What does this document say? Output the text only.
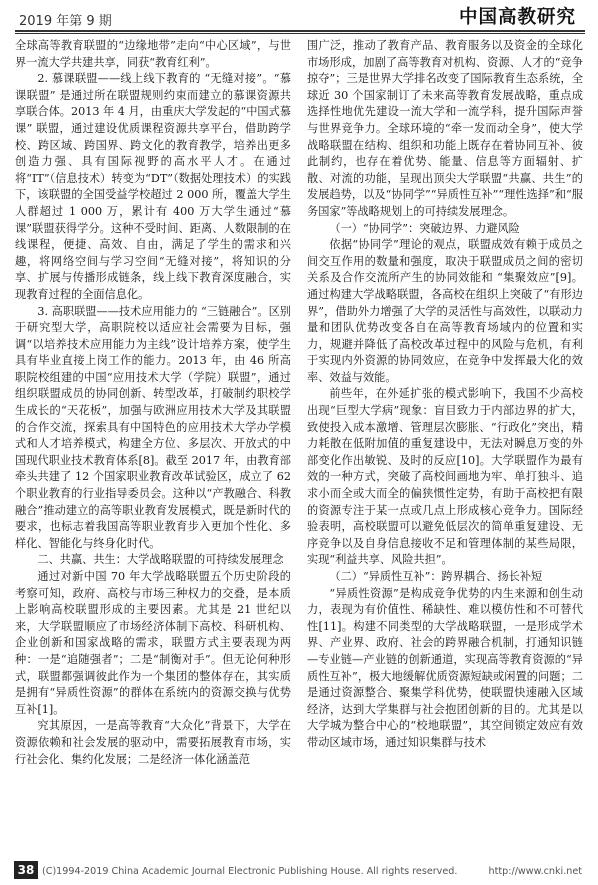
2019 年第 9 期	中国高教研究

全球高等教育联盟的“边缘地带”走向“中心区域”，与世界一流大学共建共享，同获“教育红利”。

2. 慕课联盟——线上线下教育的 “无缝对接”。“慕课联盟” 是通过所在联盟规则约束而建立的慕课资源共享联合体。2013 年 4 月，由重庆大学发起的“中国式慕课” 联盟，通过建设优质课程资源共享平台，借助跨学校、跨区域、跨国界、跨文化的教育教学，培养出更多创造力强、具有国际视野的高水平人才。在通过将“IT”（信息技术）转变为“DT”（数据处理技术）的实践下，该联盟的全国受益学校超过 2 000 所，覆盖大学生人群超过 1 000 万，累计有 400 万大学生通过“慕课”联盟获得学分。这种不受时间、距离、人数限制的在线课程，便捷、高效、自由，满足了学生的需求和兴趣，将网络空间与学习空间“无缝对接”，将知识的分享、扩展与传播形成链条，线上线下教育深度融合，实现教育过程的全面信息化。

3. 高职联盟——技术应用能力的 “三链融合”。区别于研究型大学，高职院校以适应社会需要为目标，强调“以培养技术应用能力为主线”设计培养方案，使学生具有毕业直接上岗工作的能力。2013 年，由 46 所高职院校组建的中国“应用技术大学（学院）联盟”，通过组织联盟成员的协同创新、转型改革，打破制约职校学生成长的“天花板”，加强与欧洲应用技术大学及其联盟的合作交流，探索具有中国特色的应用技术大学办学模式和人才培养模式，构建全方位、多层次、开放式的中国现代职业技术教育体系[8]。截至 2017 年，由教育部牵头共建了 12 个国家职业教育改革试验区，成立了 62 个职业教育的行业指导委员会。这种以“产教融合、科教融合”推动建立的高等职业教育发展模式，既是新时代的要求，也标志着我国高等职业教育步入更加个性化、多样化、智能化与终身化时代。

二、共赢、共生：大学战略联盟的可持续发展理念

通过对新中国 70 年大学战略联盟五个历史阶段的考察可知，政府、高校与市场三种权力的交叠，是本质上影响高校联盟形成的主要因素。尤其是 21 世纪以来，大学联盟顺应了市场经济体制下高校、科研机构、企业创新和国家战略的需求，联盟方式主要表现为两种：一是“追随强者”；二是“制衡对手”。但无论何种形式，联盟都强调彼此作为一个集团的整体存在，其实质是拥有“异质性资源”的群体在系统内的资源交换与优势互补[1]。

究其原因，一是高等教育“大众化”背景下，大学在资源依赖和社会发展的驱动中，需要拓展教育市场，实行社会化、集约化发展；二是经济一体化涵盖范

围广泛，推动了教育产品、教育服务以及资金的全球化市场形成，加剧了高等教育对机构、资源、人才的“竞争掠夺”；三是世界大学排名改变了国际教育生态系统，全球近 30 个国家制订了未来高等教育发展战略，重点成选择性地优先建设一流大学和一流学科，提升国际声誉与世界竞争力。全球环境的“牵一发而动全身”，使大学战略联盟在结构、组织和功能上既存在着协同互补、彼此制约，也存在着优势、能量、信息等方面辐射、扩散、对流的功能，呈现出顶尖大学联盟“共赢、共生”的发展趋势，以及“协同学”“异质性互补”“理性选择”和“服务国家”等战略规划上的可持续发展理念。

（一）“协同学”：突破边界、力避风险

依据“协同学”理论的观点，联盟成效有赖于成员之间交互作用的数量和强度，取决于联盟成员之间的密切关系及合作交流所产生的协同效能和 “集聚效应”[9]。通过构建大学战略联盟，各高校在组织上突破了“有形边界”，借助外力增强了大学的灵活性与高效性，以联动力量和团队优势改变各自在高等教育场域内的位置和实力，规避并降低了高校改革过程中的风险与危机，有利于实现内外资源的协同效应，在竞争中发挥最大化的效率、效益与效能。

前些年，在外延扩张的模式影响下，我国不少高校出现“巨型大学病”现象：盲目致力于内部边界的扩大，致使投入成本激增、管理层次膨胀、“行政化”突出，精力耗散在低附加值的重复建设中，无法对瞬息万变的外部变化作出敏锐、及时的反应[10]。大学联盟作为最有效的一种方式，突破了高校间画地为牢、单打独斗、追求小而全或大而全的偏狭惯性定势，有助于高校把有限的资源专注于某一点或几点上形成核心竞争力。国际经验表明，高校联盟可以避免低层次的简单重复建设、无序竞争以及自身信息接收不足和管理体制的某些局限，实现“利益共享、风险共担”。

（二）“异质性互补”：跨界耦合、扬长补短

“异质性资源”是构成竞争优势的内生来源和创生动力，表现为有价值性、稀缺性、难以模仿性和不可替代性[11]。构建不同类型的大学战略联盟，一是形成学术界、产业界、政府、社会的跨界融合机制，打通知识链—专业链—产业链的创新通道，实现高等教育资源的“异质性互补”，极大地缓解优质资源短缺或闲置的问题；二是通过资源整合、聚集学科优势，使联盟快速融入区域经济，达到大学集群与社会抱团创新的目的。尤其是以大学城为整合中心的“校地联盟”，其空间锁定效应有效带动区域市场，通过知识集群与技术

38 (C)1994-2019 China Academic Journal Electronic Publishing House. All rights reserved.	http://www.cnki.net
